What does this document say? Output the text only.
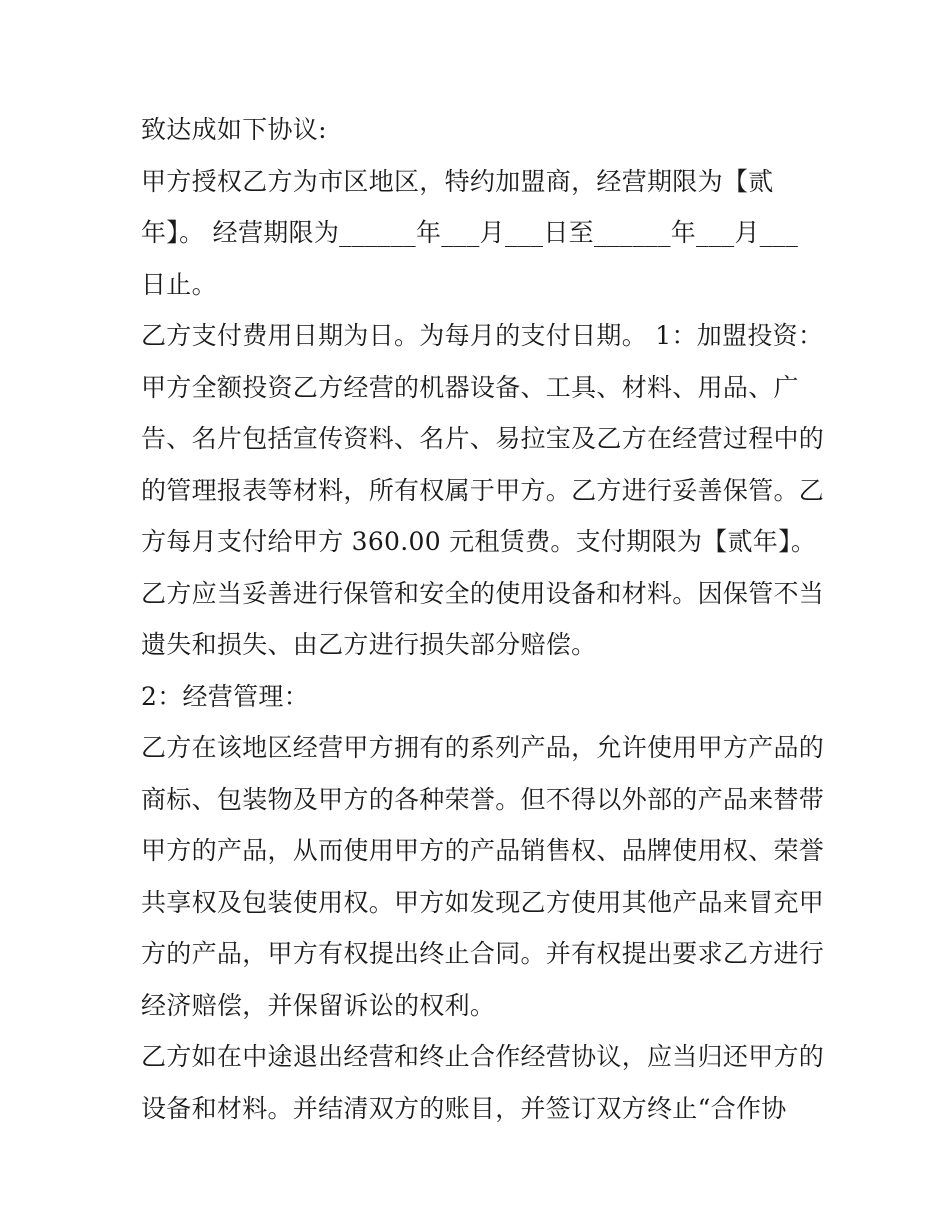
致达成如下协议:
甲方授权乙方为市区地区，特约加盟商，经营期限为【贰
年】。 经营期限为______年___月___日至______年___月___
日止。
乙方支付费用日期为日。为每月的支付日期。 1：加盟投资：
甲方全额投资乙方经营的机器设备、工具、材料、用品、广
告、名片包括宣传资料、名片、易拉宝及乙方在经营过程中的
的管理报表等材料，所有权属于甲方。乙方进行妥善保管。乙
方每月支付给甲方 360.00 元租赁费。支付期限为【贰年】。
乙方应当妥善进行保管和安全的使用设备和材料。因保管不当
遗失和损失、由乙方进行损失部分赔偿。
2：经营管理：
乙方在该地区经营甲方拥有的系列产品，允许使用甲方产品的
商标、包装物及甲方的各种荣誉。但不得以外部的产品来替带
甲方的产品，从而使用甲方的产品销售权、品牌使用权、荣誉
共享权及包装使用权。甲方如发现乙方使用其他产品来冒充甲
方的产品，甲方有权提出终止合同。并有权提出要求乙方进行
经济赔偿，并保留诉讼的权利。
乙方如在中途退出经营和终止合作经营协议，应当归还甲方的
设备和材料。并结清双方的账目，并签订双方终止“合作协
